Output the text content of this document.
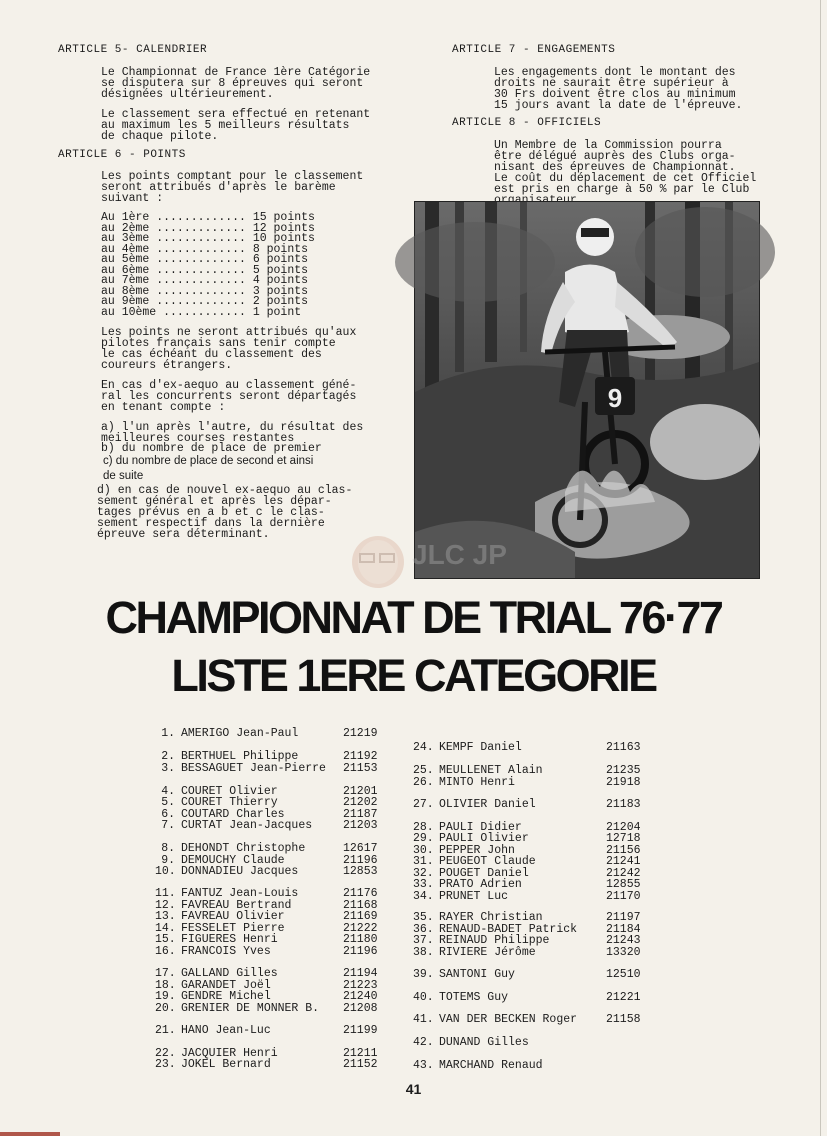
ARTICLE 5- CALENDRIER
Le Championnat de France 1ère Catégorie
se disputera sur 8 épreuves qui seront
désignées ultérieurement.
Le classement sera effectué en retenant
au maximum les 5 meilleurs résultats
de chaque pilote.
ARTICLE 6 - POINTS
Les points comptant pour le classement
seront attribués d'après le barème
suivant :
Au 1ère ............. 15 points
au 2ème ............. 12 points
au 3ème ............. 10 points
au 4ème ............. 8 points
au 5ème ............. 6 points
au 6ème ............. 5 points
au 7ème ............. 4 points
au 8ème ............. 3 points
au 9ème ............. 2 points
au 10ème ............ 1 point
Les points ne seront attribués qu'aux
pilotes français sans tenir compte
le cas échéant du classement des
coureurs étrangers.
En cas d'ex-aequo au classement géné-
ral les concurrents seront départagés
en tenant compte :
a) l'un après l'autre, du résultat des
meilleures courses restantes
b) du nombre de place de premier
c) du nombre de place de second et ainsi
de suite
d) en cas de nouvel ex-aequo au clas-
sement général et après les dépar-
tages prévus en a b et c le clas-
sement respectif dans la dernière
épreuve sera déterminant.
ARTICLE 7 - ENGAGEMENTS
Les engagements dont le montant des
droits ne saurait être supérieur à
30 Frs doivent être clos au minimum
15 jours avant la date de l'épreuve.
ARTICLE 8 - OFFICIELS
Un Membre de la Commission pourra
être délégué auprès des Clubs orga-
nisant des épreuves de Championnat.
Le coût du déplacement de cet Officiel
est pris en charge à 50 % par le Club
9
JLC JP
CHAMPIONNAT DE TRIAL 76·77
LISTE 1ERE CATEGORIE
1. AMERIGO Jean-Paul	21219
2. BERTHUEL Philippe	21192
3. BESSAGUET Jean-Pierre 21153
4. COURET Olivier	21201
5. COURET Thierry	21202
6. COUTARD Charles	21187
7. CURTAT Jean-Jacques	21203
8. DEHONDT Christophe	12617
9. DEMOUCHY Claude	21196
10. DONNADIEU Jacques	12853
11. FANTUZ Jean-Louis	21176
12. FAVREAU Bertrand	21168
13. FAVREAU Olivier	21169
14. FESSELET Pierre	21222
15. FIGUERES Henri	21180
16. FRANCOIS Yves	21196
17. GALLAND Gilles	21194
18. GARANDET Joël	21223
19. GENDRE Michel	21240
20. GRENIER DE MONNER B. 21208
21. HANO Jean-Luc	21199
22. JACQUIER Henri	21211
23. JOKEL Bernard	21152
24. KEMPF Daniel	21163
25. MEULLENET Alain	21235
26. MINTO Henri	21918
27. OLIVIER Daniel	21183
28. PAULI Didier	21204
29. PAULI Olivier	12718
30. PEPPER John	21156
31. PEUGEOT Claude	21241
32. POUGET Daniel	21242
33. PRATO Adrien	12855
34. PRUNET Luc	21170
35. RAYER Christian	21197
36. RENAUD-BADET Patrick	21184
37. REINAUD Philippe	21243
38. RIVIERE Jérôme	13320
39. SANTONI Guy	12510
40. TOTEMS Guy	21221
41. VAN DER BECKEN Roger	21158
42. DUNAND Gilles
43. MARCHAND Renaud
41
